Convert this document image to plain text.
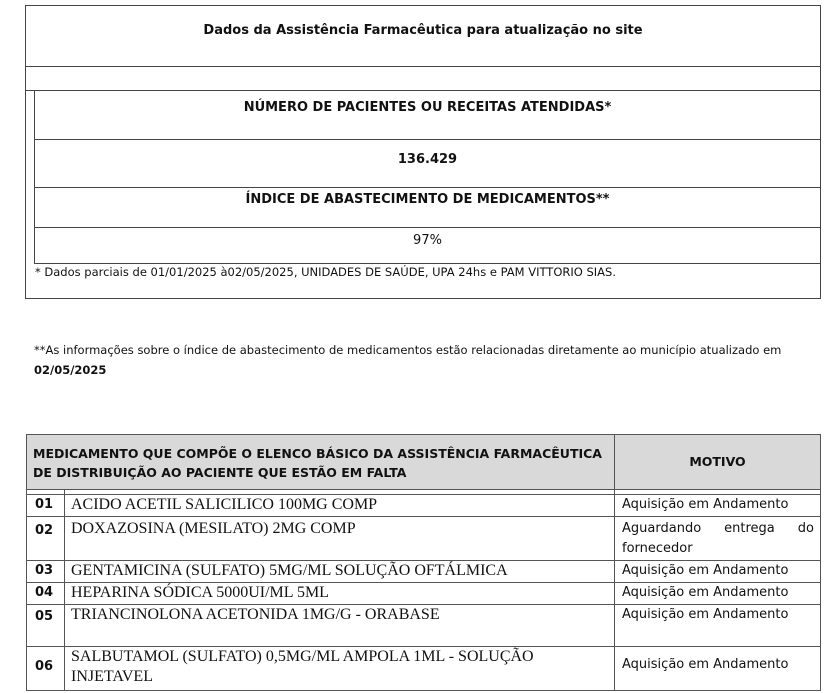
Dados da Assistência Farmacêutica para atualização no site
NÚMERO DE PACIENTES OU RECEITAS ATENDIDAS*
136.429
ÍNDICE DE ABASTECIMENTO DE MEDICAMENTOS**
97%
* Dados parciais de 01/01/2025 à02/05/2025, UNIDADES DE SAÚDE, UPA 24hs e PAM VITTORIO SIAS.
**As informações sobre o índice de abastecimento de medicamentos estão relacionadas diretamente ao município atualizado em 02/05/2025
MEDICAMENTO QUE COMPÕE O ELENCO BÁSICO DA ASSISTÊNCIA FARMACÊUTICA DE DISTRIBUIÇÃO AO PACIENTE QUE ESTÃO EM FALTA		MOTIVO

01	ACIDO ACETIL SALICILICO 100MG COMP	Aquisição em Andamento
02	DOXAZOSINA (MESILATO) 2MG COMP	Aguardando entrega do fornecedor
03	GENTAMICINA (SULFATO) 5MG/ML SOLUÇÃO OFTÁLMICA	Aquisição em Andamento
04	HEPARINA SÓDICA 5000UI/ML 5ML	Aquisição em Andamento
05	TRIANCINOLONA ACETONIDA 1MG/G - ORABASE	Aquisição em Andamento
06	SALBUTAMOL (SULFATO) 0,5MG/ML AMPOLA 1ML - SOLUÇÃO INJETAVEL	Aquisição em Andamento
